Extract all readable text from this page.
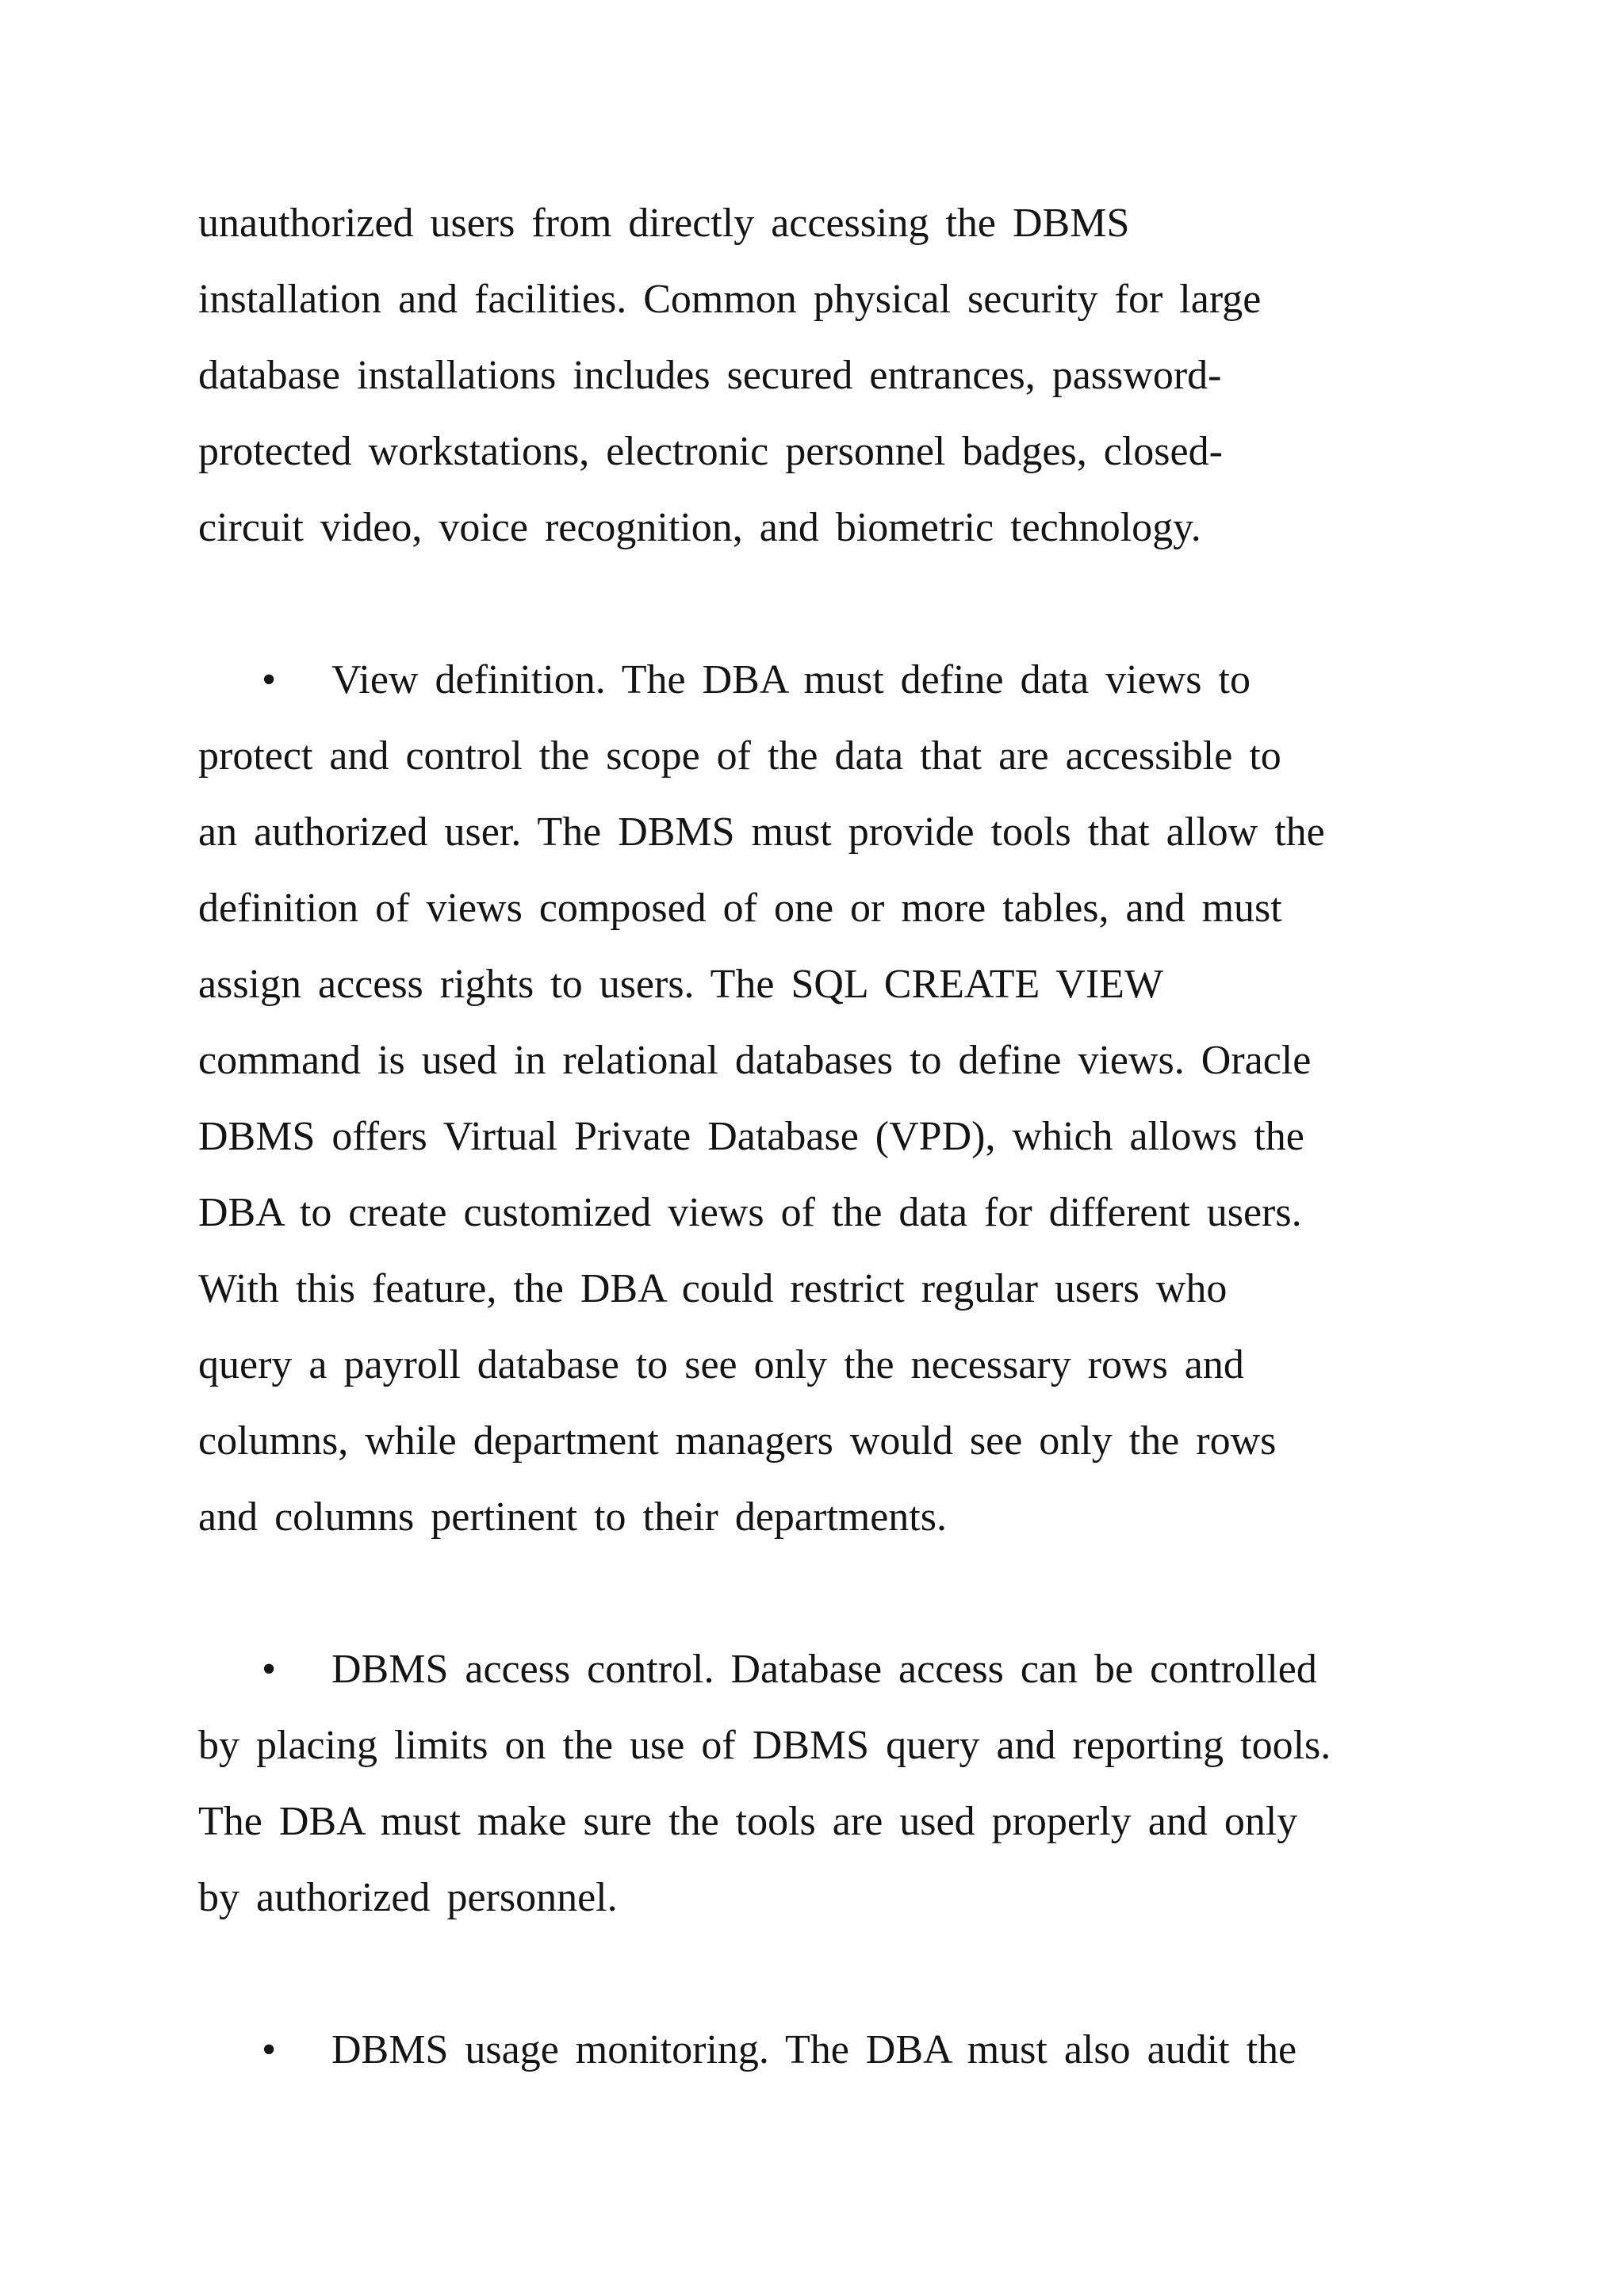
unauthorized users from directly accessing the DBMS
installation and facilities. Common physical security for large
database installations includes secured entrances, password-
protected workstations, electronic personnel badges, closed-
circuit video, voice recognition, and biometric technology.
• View definition. The DBA must define data views to
protect and control the scope of the data that are accessible to
an authorized user. The DBMS must provide tools that allow the
definition of views composed of one or more tables, and must
assign access rights to users. The SQL CREATE VIEW
command is used in relational databases to define views. Oracle
DBMS offers Virtual Private Database (VPD), which allows the
DBA to create customized views of the data for different users.
With this feature, the DBA could restrict regular users who
query a payroll database to see only the necessary rows and
columns, while department managers would see only the rows
and columns pertinent to their departments.
• DBMS access control. Database access can be controlled
by placing limits on the use of DBMS query and reporting tools.
The DBA must make sure the tools are used properly and only
by authorized personnel.
• DBMS usage monitoring. The DBA must also audit the
